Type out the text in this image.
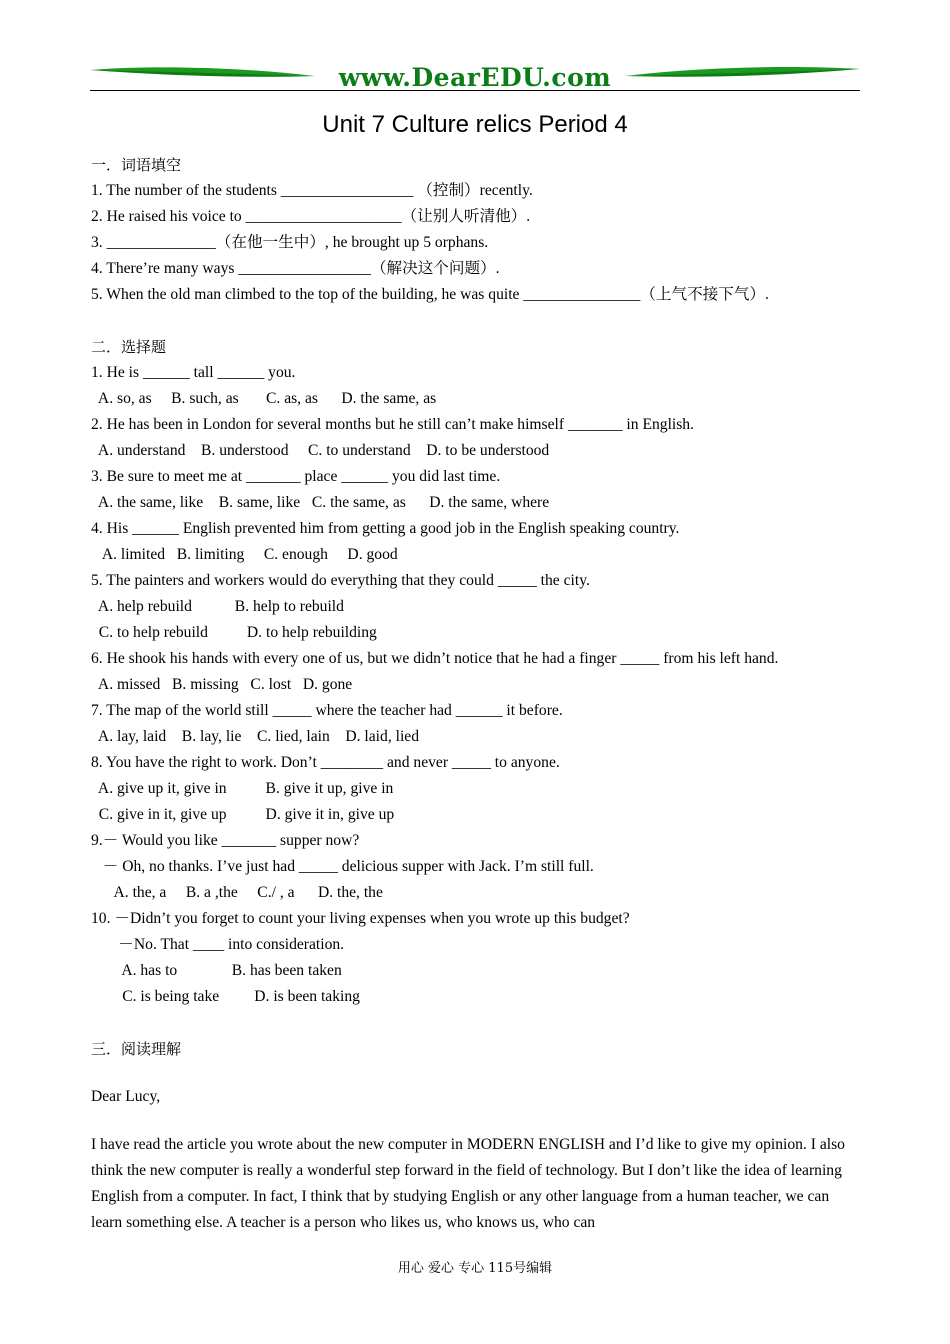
www.DearEDU.com
Unit 7 Culture relics Period 4
一．词语填空
1. The number of the students _________________ （控制）recently.
2. He raised his voice to ____________________（让别人听清他）.
3. ______________（在他一生中）, he brought up 5 orphans.
4. There’re many ways _________________（解决这个问题）.
5. When the old man climbed to the top of the building, he was quite _______________（上气不接下气）.
二．选择题
1. He is ______ tall ______ you.
A. so, as     B. such, as       C. as, as      D. the same, as
2. He has been in London for several months but he still can’t make himself _______ in English.
A. understand    B. understood     C. to understand    D. to be understood
3. Be sure to meet me at _______ place ______ you did last time.
A. the same, like    B. same, like   C. the same, as      D. the same, where
4. His ______ English prevented him from getting a good job in the English speaking country.
A. limited   B. limiting     C. enough     D. good
5. The painters and workers would do everything that they could _____ the city.
A. help rebuild           B. help to rebuild
C. to help rebuild          D. to help rebuilding
6. He shook his hands with every one of us, but we didn’t notice that he had a finger _____ from his left hand.
A. missed   B. missing   C. lost   D. gone
7. The map of the world still _____ where the teacher had ______ it before.
A. lay, laid    B. lay, lie    C. lied, lain    D. laid, lied
8. You have the right to work. Don’t ________ and never _____ to anyone.
A. give up it, give in          B. give it up, give in
C. give in it, give up          D. give it in, give up
9.－ Would you like _______ supper now?
－ Oh, no thanks. I’ve just had _____ delicious supper with Jack. I’m still full.
A. the, a     B. a ,the     C./ , a      D. the, the
10. －Didn’t you forget to count your living expenses when you wrote up this budget?
－No. That ____ into consideration.
A. has to              B. has been taken
C. is being take         D. is been taking
三．阅读理解
Dear Lucy,
I have read the article you wrote about the new computer in MODERN ENGLISH and I’d like to give my opinion. I also think the new computer is really a wonderful step forward in the field of technology. But I don’t like the idea of learning English from a computer. In fact, I think that by studying English or any other language from a human teacher, we can learn something else. A teacher is a person who likes us, who knows us, who can
用心 爱心 专心 115号编辑
